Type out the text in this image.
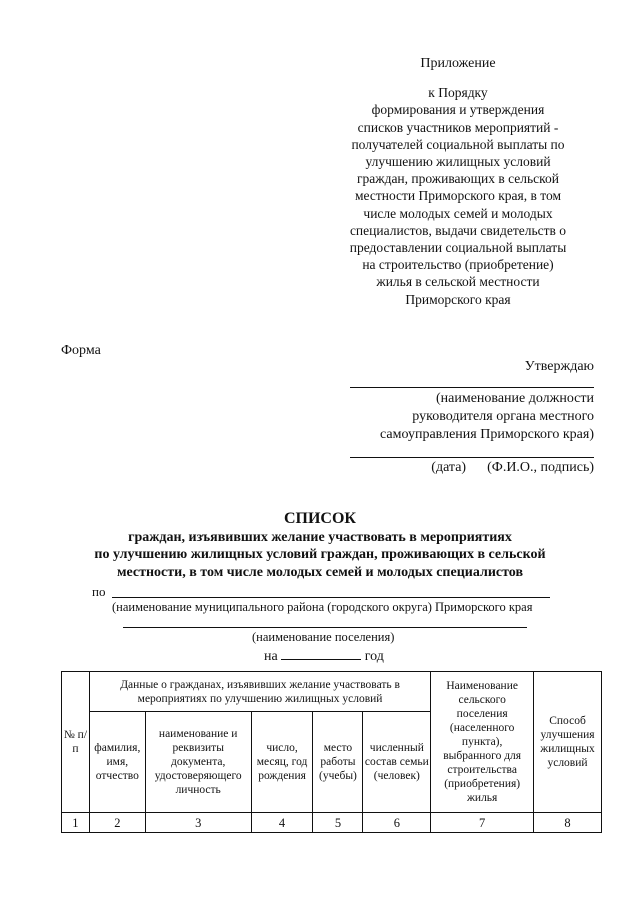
Приложение
к Порядку
формирования и утверждения
списков участников мероприятий -
получателей социальной выплаты по
улучшению жилищных условий
граждан, проживающих в сельской
местности Приморского края, в том
числе молодых семей и молодых
специалистов, выдачи свидетельств о
предоставлении социальной выплаты
на строительство (приобретение)
жилья в сельской местности
Приморского края
Форма
Утверждаю
(наименование должности
руководителя органа местного
самоуправления Приморского края)
(дата) (Ф.И.О., подпись)
СПИСОК
граждан, изъявивших желание участвовать в мероприятиях
по улучшению жилищных условий граждан, проживающих в сельской
местности, в том числе молодых семей и молодых специалистов
по
(наименование муниципального района (городского округа) Приморского края
(наименование поселения)
на	год
№ п/п	Данные о гражданах, изъявивших желание участвовать в мероприятиях по улучшению жилищных условий					Наименование сельского поселения (населенного пункта), выбранного для строительства (приобретения) жилья	Способ улучшения жилищных условий
	фамилия, имя, отчество	наименование и реквизиты документа, удостоверяющего личность	число, месяц, год рождения	место работы (учебы)	численный состав семьи (человек)		
1	2	3	4	5	6	7	8
